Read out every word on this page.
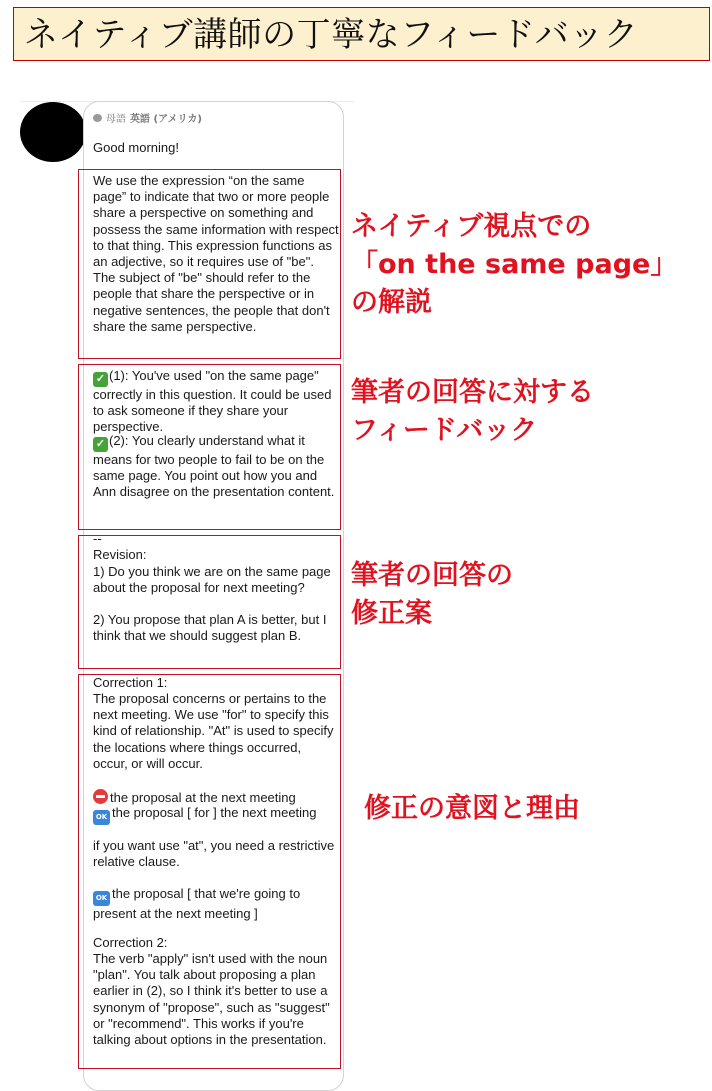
ネイティブ講師の丁寧なフィードバック
母語 英語 (アメリカ)
Good morning!
We use the expression “on the same page” to indicate that two or more people share a perspective on something and possess the same information with respect to that thing. This expression functions as an adjective, so it requires use of "be". The subject of "be" should refer to the people that share the perspective or in negative sentences, the people that don't share the same perspective.
✓ (1): You've used "on the same page" correctly in this question. It could be used to ask someone if they share your perspective.
✓ (2): You clearly understand what it means for two people to fail to be on the same page. You point out how you and Ann disagree on the presentation content.
--
Revision:
1) Do you think we are on the same page about the proposal for next meeting?
2) You propose that plan A is better, but I think that we should suggest plan B.
Correction 1:
The proposal concerns or pertains to the next meeting. We use "for" to specify this kind of relationship. "At" is used to specify the locations where things occurred, occur, or will occur.
the proposal at the next meeting
OK the proposal [ for ] the next meeting
if you want use "at", you need a restrictive relative clause.
OK the proposal [ that we're going to present at the next meeting ]
Correction 2:
The verb "apply" isn't used with the noun "plan". You talk about proposing a plan earlier in (2), so I think it's better to use a synonym of "propose", such as "suggest" or "recommend". This works if you're talking about options in the presentation.
ネイティブ視点での
「on the same page」
の解説
筆者の回答に対する
フィードバック
筆者の回答の
修正案
修正の意図と理由
